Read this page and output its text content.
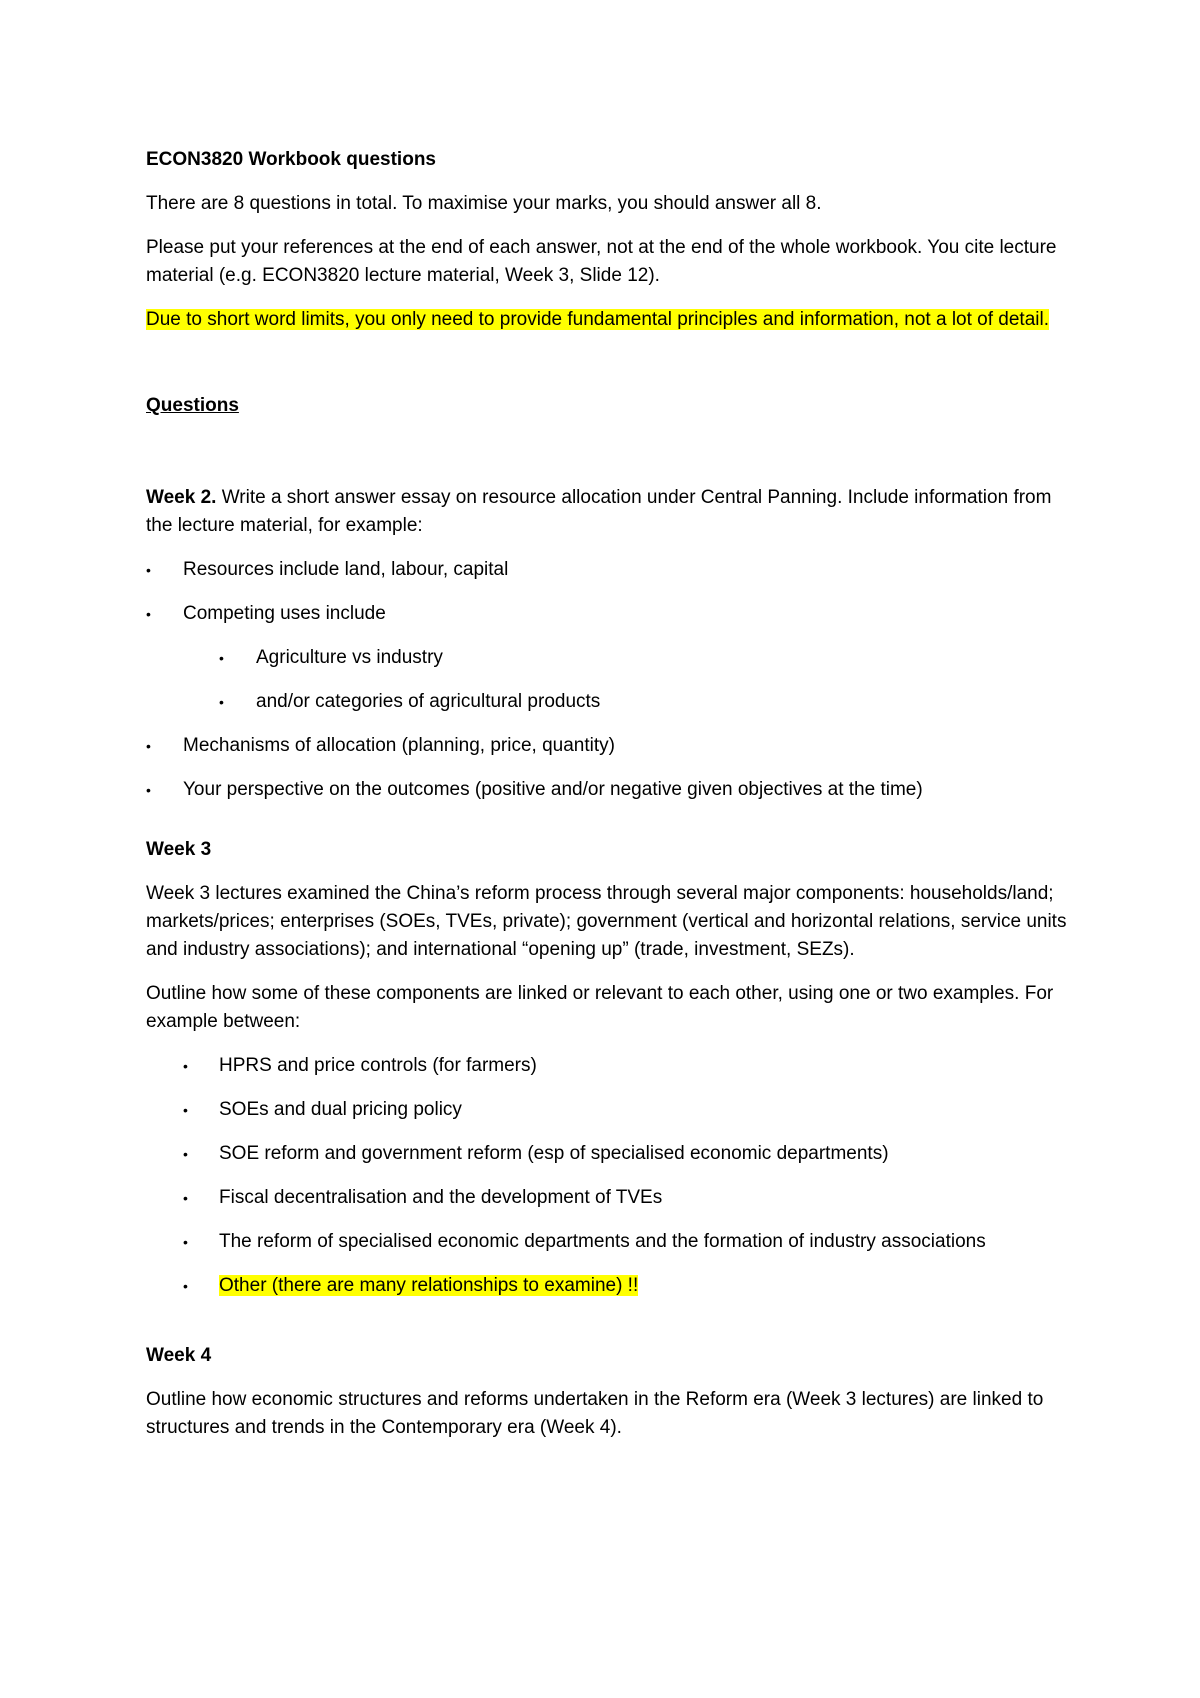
ECON3820 Workbook questions

There are 8 questions in total. To maximise your marks, you should answer all 8.

Please put your references at the end of each answer, not at the end of the whole workbook. You cite lecture material (e.g. ECON3820 lecture material, Week 3, Slide 12).

Due to short word limits, you only need to provide fundamental principles and information, not a lot of detail.

Questions

Week 2. Write a short answer essay on resource allocation under Central Panning. Include information from the lecture material, for example:

• Resources include land, labour, capital
• Competing uses include
• Agriculture vs industry
• and/or categories of agricultural products
• Mechanisms of allocation (planning, price, quantity)
• Your perspective on the outcomes (positive and/or negative given objectives at the time)

Week 3

Week 3 lectures examined the China’s reform process through several major components: households/land; markets/prices; enterprises (SOEs, TVEs, private); government (vertical and horizontal relations, service units and industry associations); and international “opening up” (trade, investment, SEZs).

Outline how some of these components are linked or relevant to each other, using one or two examples. For example between:

• HPRS and price controls (for farmers)
• SOEs and dual pricing policy
• SOE reform and government reform (esp of specialised economic departments)
• Fiscal decentralisation and the development of TVEs
• The reform of specialised economic departments and the formation of industry associations
• Other (there are many relationships to examine) !!

Week 4

Outline how economic structures and reforms undertaken in the Reform era (Week 3 lectures) are linked to structures and trends in the Contemporary era (Week 4).
